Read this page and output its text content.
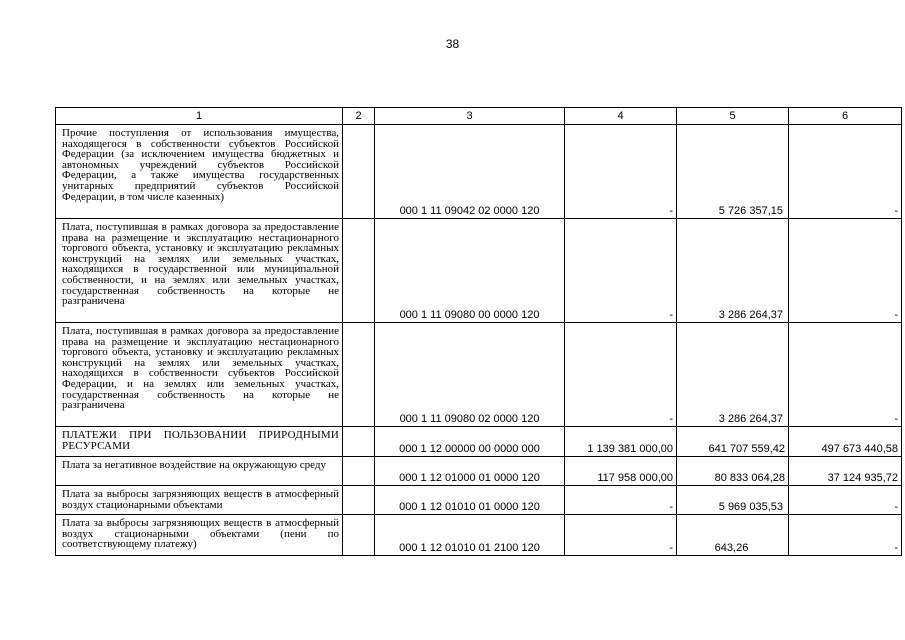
38
1	2	3	4	5	6
Прочие поступления от использования имущества, находящегося в собственности субъектов Российской Федерации (за исключением имущества бюджетных и автономных учреждений субъектов Российской Федерации, а также имущества государственных унитарных предприятий субъектов Российской Федерации, в том числе казенных)		000 1 11 09042 02 0000 120	-	5 726 357,15	-
Плата, поступившая в рамках договора за предоставление права на размещение и эксплуатацию нестационарного торгового объекта, установку и эксплуатацию рекламных конструкций на землях или земельных участках, находящихся в государственной или муниципальной собственности, и на землях или земельных участках, государственная собственность на которые не разграничена		000 1 11 09080 00 0000 120	-	3 286 264,37	-
Плата, поступившая в рамках договора за предоставление права на размещение и эксплуатацию нестационарного торгового объекта, установку и эксплуатацию рекламных конструкций на землях или земельных участках, находящихся в собственности субъектов Российской Федерации, и на землях или земельных участках, государственная собственность на которые не разграничена		000 1 11 09080 02 0000 120	-	3 286 264,37	-
ПЛАТЕЖИ ПРИ ПОЛЬЗОВАНИИ ПРИРОДНЫМИ РЕСУРСАМИ		000 1 12 00000 00 0000 000	1 139 381 000,00	641 707 559,42	497 673 440,58
Плата за негативное воздействие на окружающую среду		000 1 12 01000 01 0000 120	117 958 000,00	80 833 064,28	37 124 935,72
Плата за выбросы загрязняющих веществ в атмосферный воздух стационарными объектами		000 1 12 01010 01 0000 120	-	5 969 035,53	-
Плата за выбросы загрязняющих веществ в атмосферный воздух стационарными объектами (пени по соответствующему платежу)		000 1 12 01010 01 2100 120	-	643,26	-
